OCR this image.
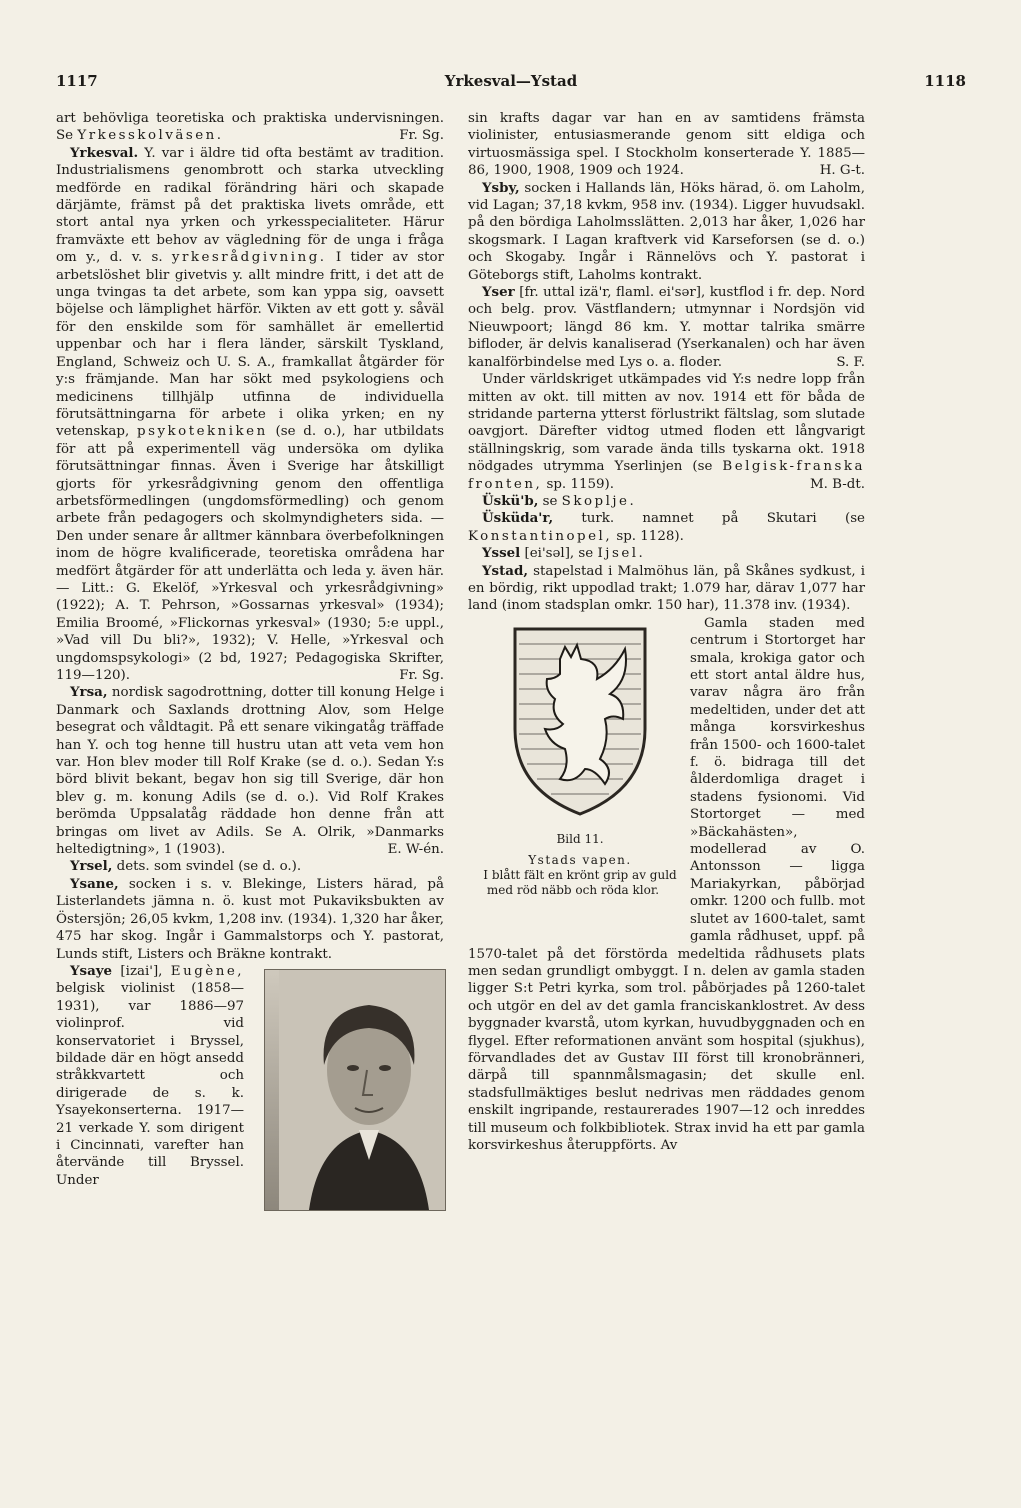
1117	Yrkesval—Ystad	1118

art behövliga teoretiska och praktiska undervisningen. Se Yrkesskolväsen.	Fr. Sg.

Yrkesval. Y. var i äldre tid ofta bestämt av tradition. Industrialismens genombrott och starka utveckling medförde en radikal förändring häri och skapade därjämte, främst på det praktiska livets område, ett stort antal nya yrken och yrkesspecialiteter. Härur framväxte ett behov av vägledning för de unga i fråga om y., d. v. s. yrkesrådgivning. I tider av stor arbetslöshet blir givetvis y. allt mindre fritt, i det att de unga tvingas ta det arbete, som kan yppa sig, oavsett böjelse och lämplighet härför. Vikten av ett gott y. såväl för den enskilde som för samhället är emellertid uppenbar och har i flera länder, särskilt Tyskland, England, Schweiz och U. S. A., framkallat åtgärder för y:s främjande. Man har sökt med psykologiens och medicinens tillhjälp utfinna de individuella förutsättningarna för arbete i olika yrken; en ny vetenskap, psykotekniken (se d. o.), har utbildats för att på experimentell väg undersöka om dylika förutsättningar finnas. Även i Sverige har åtskilligt gjorts för yrkesrådgivning genom den offentliga arbetsförmedlingen (ungdomsförmedling) och genom arbete från pedagogers och skolmyndigheters sida. — Den under senare år alltmer kännbara överbefolkningen inom de högre kvalificerade, teoretiska områdena har medfört åtgärder för att underlätta och leda y. även här. — Litt.: G. Ekelöf, »Yrkesval och yrkesrådgivning» (1922); A. T. Pehrson, »Gossarnas yrkesval» (1934); Emilia Broomé, »Flickornas yrkesval» (1930; 5:e uppl., »Vad vill Du bli?», 1932); V. Helle, »Yrkesval och ungdomspsykologi» (2 bd, 1927; Pedagogiska Skrifter, 119—120).	Fr. Sg.

Yrsa, nordisk sagodrottning, dotter till konung Helge i Danmark och Saxlands drottning Alov, som Helge besegrat och våldtagit. På ett senare vikingatåg träffade han Y. och tog henne till hustru utan att veta vem hon var. Hon blev moder till Rolf Krake (se d. o.). Sedan Y:s börd blivit bekant, begav hon sig till Sverige, där hon blev g. m. konung Adils (se d. o.). Vid Rolf Krakes berömda Uppsalatåg räddade hon denne från att bringas om livet av Adils. Se A. Olrik, »Danmarks heltedigtning», 1 (1903).	E. W-én.

Yrsel, dets. som svindel (se d. o.).

Ysane, socken i s. v. Blekinge, Listers härad, på Listerlandets jämna n. ö. kust mot Pukaviksbukten av Östersjön; 26,05 kvkm, 1,208 inv. (1934). 1,320 har åker, 475 har skog. Ingår i Gammalstorps och Y. pastorat, Lunds stift, Listers och Bräkne kontrakt.

Ysaye [izai'], Eugène, belgisk violinist (1858—1931), var 1886—97 violinprof. vid konservatoriet i Bryssel, bildade där en högt ansedd stråkkvartett och dirigerade de s. k. Ysayekonserterna. 1917—21 verkade Y. som dirigent i Cincinnati, varefter han återvände till Bryssel. Under

sin krafts dagar var han en av samtidens främsta violinister, entusiasmerande genom sitt eldiga och virtuosmässiga spel. I Stockholm konserterade Y. 1885—86, 1900, 1908, 1909 och 1924.	H. G-t.

Ysby, socken i Hallands län, Höks härad, ö. om Laholm, vid Lagan; 37,18 kvkm, 958 inv. (1934). Ligger huvudsakl. på den bördiga Laholmsslätten. 2,013 har åker, 1,026 har skogsmark. I Lagan kraftverk vid Karseforsen (se d. o.) och Skogaby. Ingår i Rännelövs och Y. pastorat i Göteborgs stift, Laholms kontrakt.

Yser [fr. uttal izä'r, flaml. ei'sər], kustflod i fr. dep. Nord och belg. prov. Västflandern; utmynnar i Nordsjön vid Nieuwpoort; längd 86 km. Y. mottar talrika smärre bifloder, är delvis kanaliserad (Yserkanalen) och har även kanalförbindelse med Lys o. a. floder.	S. F.

Under världskriget utkämpades vid Y:s nedre lopp från mitten av okt. till mitten av nov. 1914 ett för båda de stridande parterna ytterst förlustrikt fältslag, som slutade oavgjort. Därefter vidtog utmed floden ett långvarigt ställningskrig, som varade ända tills tyskarna okt. 1918 nödgades utrymma Yserlinjen (se Belgisk-franska fronten, sp. 1159).	M. B-dt.

Üskü'b, se Skoplje.

Üsküda'r, turk. namnet på Skutari (se Konstantinopel, sp. 1128).

Yssel [ei'səl], se Ijsel.

Ystad, stapelstad i Malmöhus län, på Skånes sydkust, i en bördig, rikt uppodlad trakt; 1.079 har, därav 1,077 har land (inom stadsplan omkr. 150 har), 11.378 inv. (1934).

Bild 11.
Ystads vapen.
I blått fält en krönt grip av guld med röd näbb och röda klor.
Gamla staden med centrum i Stortorget har smala, krokiga gator och ett stort antal äldre hus, varav några äro från medeltiden, under det att många korsvirkeshus från 1500- och 1600-talet f. ö. bidraga till det ålderdomliga draget i stadens fysionomi. Vid Stortorget — med »Bäckahästen», modellerad av O. Antonsson — ligga Mariakyrkan, påbörjad omkr. 1200 och fullb. mot slutet av 1600-talet, samt gamla rådhuset, uppf. på 1570-talet på det förstörda medeltida rådhusets plats men sedan grundligt ombyggt. I n. delen av gamla staden ligger S:t Petri kyrka, som trol. påbörjades på 1260-talet och utgör en del av det gamla franciskanklostret. Av dess byggnader kvarstå, utom kyrkan, huvudbyggnaden och en flygel. Efter reformationen använt som hospital (sjukhus), förvandlades det av Gustav III först till kronobränneri, därpå till spannmålsmagasin; det skulle enl. stadsfullmäktiges beslut nedrivas men räddades genom enskilt ingripande, restaurerades 1907—12 och inreddes till museum och folkbibliotek. Strax invid ha ett par gamla korsvirkeshus återuppförts. Av
